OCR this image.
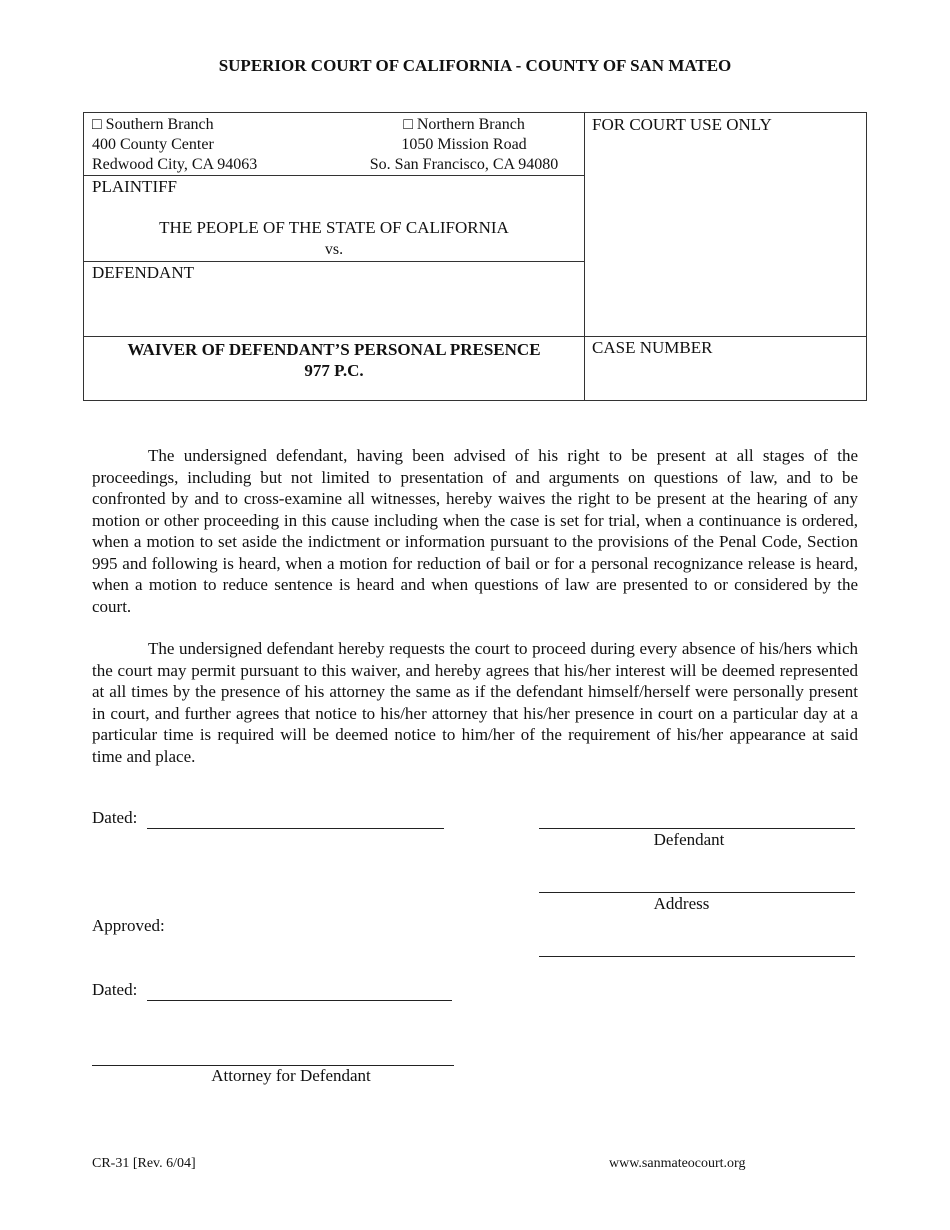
SUPERIOR COURT OF CALIFORNIA - COUNTY OF SAN MATEO
□ Southern Branch
400 County Center
Redwood City, CA 94063
□ Northern Branch
1050 Mission Road
So. San Francisco, CA 94080
PLAINTIFF
THE PEOPLE OF THE STATE OF CALIFORNIA
vs.
DEFENDANT
WAIVER OF DEFENDANT’S PERSONAL PRESENCE
977 P.C.
FOR COURT USE ONLY
CASE NUMBER

The undersigned defendant, having been advised of his right to be present at all stages of the proceedings, including but not limited to presentation of and arguments on questions of law, and to be confronted by and to cross-examine all witnesses, hereby waives the right to be present at the hearing of any motion or other proceeding in this cause including when the case is set for trial, when a continuance is ordered, when a motion to set aside the indictment or information pursuant to the provisions of the Penal Code, Section 995 and following is heard, when a motion for reduction of bail or for a personal recognizance release is heard, when a motion to reduce sentence is heard and when questions of law are presented to or considered by the court.

The undersigned defendant hereby requests the court to proceed during every absence of his/hers which the court may permit pursuant to this waiver, and hereby agrees that his/her interest will be deemed represented at all times by the presence of his attorney the same as if the defendant himself/herself were personally present in court, and further agrees that notice to his/her attorney that his/her presence in court on a particular day at a particular time is required will be deemed notice to him/her of the requirement of his/her appearance at said time and place.

Dated:
Defendant
Address
Approved:
Dated:
Attorney for Defendant
CR-31 [Rev. 6/04]	www.sanmateocourt.org
